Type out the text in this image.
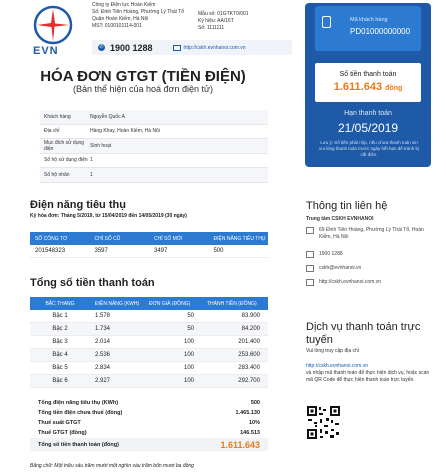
EVN
Công ty Điện lực Hoàn Kiếm
Số: Đinh Tiên Hoàng, Phường Lý Thái Tổ
Quận Hoàn Kiếm, Hà Nội
MST: 0100101114-001
Mẫu số: 01GTKT0/001
Ký hiệu: AA/16T
Số: 1111111
✆ 1900 1288	http://cskh.evnhanoi.com.vn
HÓA ĐƠN GTGT (TIỀN ĐIỆN)
(Bản thể hiện của hoá đơn điện tử)
Khách hàng	Nguyễn Quốc A
Địa chỉ	Hàng Khay, Hoàn Kiếm, Hà Nội
Mục đích sử dụng điện	Sinh hoạt
Số hộ sử dụng điện 1
Số hộ nhân	1
Điện năng tiêu thụ
Kỳ hóa đơn: Tháng 5/2019, từ 15/04/2019 đến 14/05/2019 (30 ngày)
SỐ CÔNG TƠ	CHỈ SỐ CŨ	CHỈ SỐ MỚI	ĐIỆN NĂNG TIÊU THỤ
201548323	3597	3497	500
Tổng số tiền thanh toán
BẬC THANG	ĐIỆN NĂNG (KWH)	ĐƠN GIÁ (ĐỒNG)	THÀNH TIỀN (ĐỒNG)
Bậc 1	1.578	50	83.900
Bậc 2	1.734	50	84.200
Bậc 3	2.014	100	201.400
Bậc 4	2.536	100	253.600
Bậc 5	2.834	100	283.400
Bậc 6	2.927	100	292.700
Tổng điện năng tiêu thụ (KWh)	500
Tổng tiền điện chưa thuế (đồng)	1.465.130
Thuế suất GTGT	10%
Thuế GTGT (đồng)	146.513
Tổng số tiền thanh toán (đồng)	1.611.643
Bằng chữ: Một triệu sáu trăm mười một nghìn sáu trăm bốn mươi ba đồng
Mã khách hàng
PD01000000000
Số tiền thanh toán
1.611.643 đồng
Hạn thanh toán
21/05/2019
Lưu ý: Số tiền phải nộp, nếu chưa thanh toán xin vui lòng thanh toán trước ngày hết hạn để tránh bị cắt điện.
Thông tin liên hệ
Trung tâm CSKH EVNHANOI
69 Đinh Tiên Hoàng, Phường Lý Thái Tổ, Hoàn Kiếm, Hà Nội
1900 1288
cskh@evnhanoi.vn
http://cskh.evnhanoi.com.vn
Dịch vụ thanh toán trực tuyến
Vui lòng truy cập địa chỉ
http://cskh.evnhanoi.com.vn
và nhập mã thanh toán để thực hiện dịch vụ, hoặc scan mã QR Code để thực hiện thanh toán trực tuyến.
